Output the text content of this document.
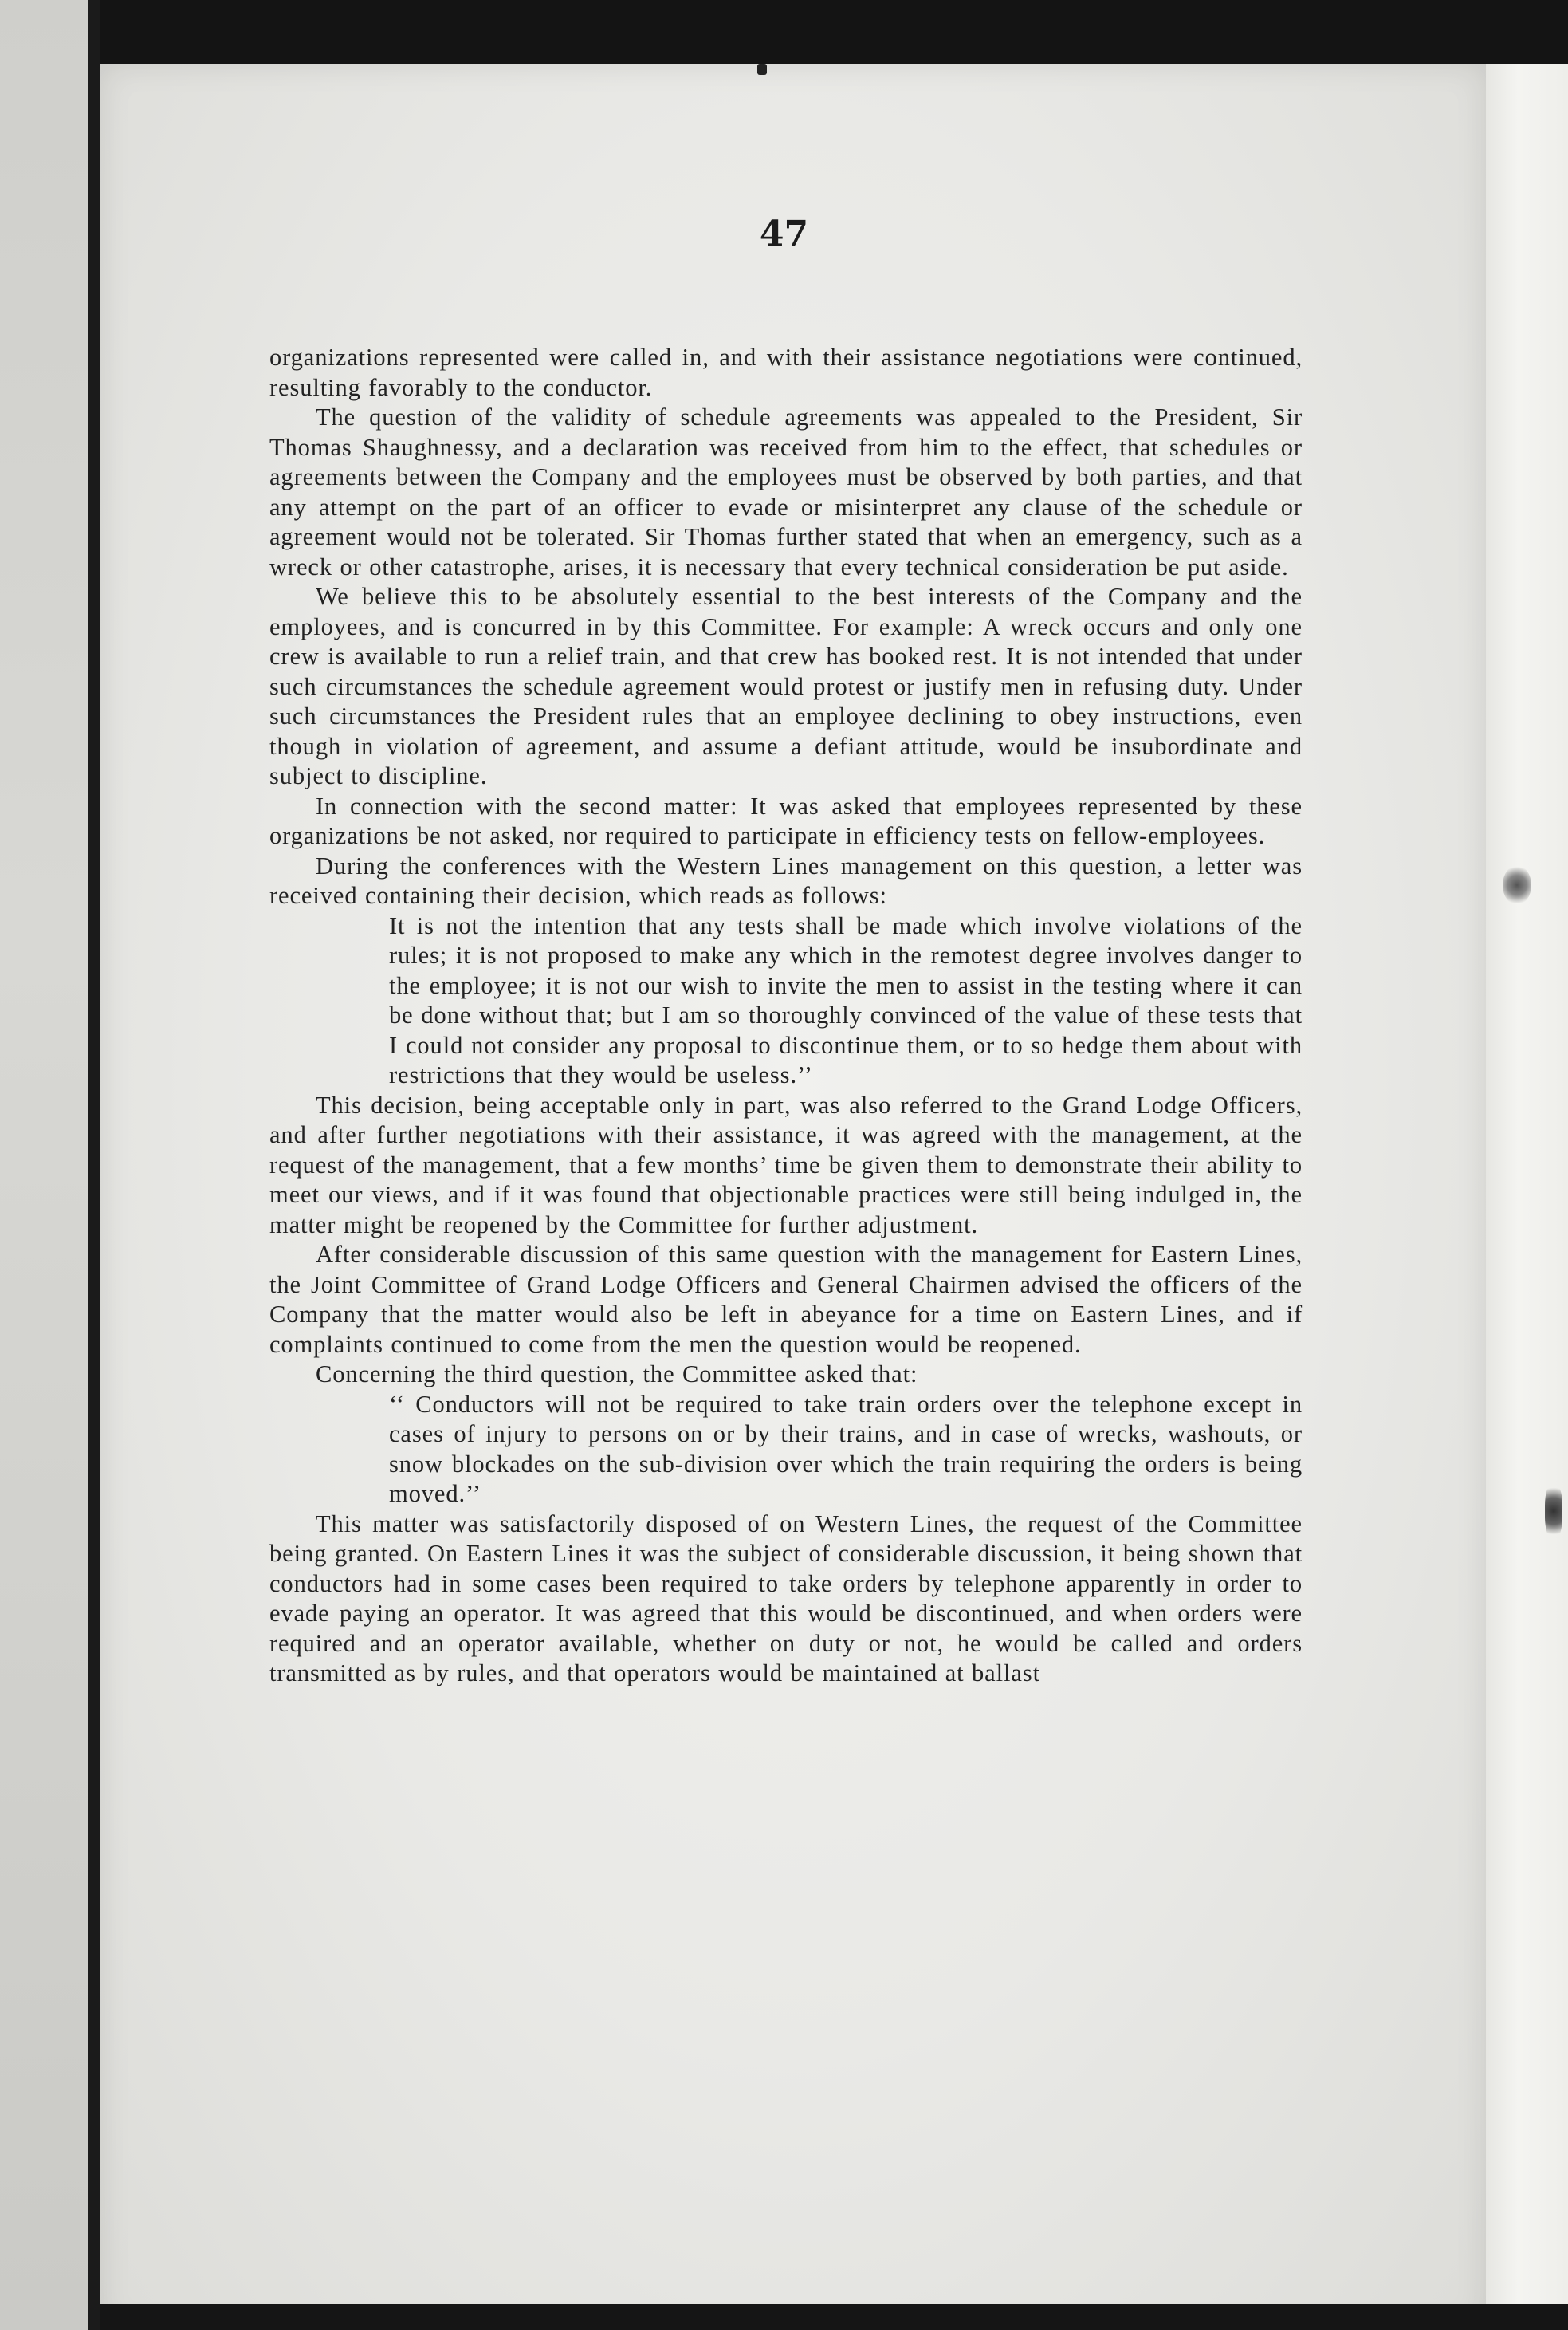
47

organizations represented were called in, and with their assistance negotiations were continued, resulting favorably to the conductor.

The question of the validity of schedule agreements was appealed to the President, Sir Thomas Shaughnessy, and a declaration was received from him to the effect, that schedules or agreements between the Company and the employees must be observed by both parties, and that any attempt on the part of an officer to evade or misinterpret any clause of the schedule or agreement would not be tolerated. Sir Thomas further stated that when an emergency, such as a wreck or other catastrophe, arises, it is necessary that every technical consideration be put aside.

We believe this to be absolutely essential to the best interests of the Company and the employees, and is concurred in by this Committee. For example: A wreck occurs and only one crew is available to run a relief train, and that crew has booked rest. It is not intended that under such circumstances the schedule agreement would protest or justify men in refusing duty. Under such circumstances the President rules that an employee declining to obey instructions, even though in violation of agreement, and assume a defiant attitude, would be insubordinate and subject to discipline.

In connection with the second matter: It was asked that employees represented by these organizations be not asked, nor required to participate in efficiency tests on fellow-employees.

During the conferences with the Western Lines management on this question, a letter was received containing their decision, which reads as follows:

It is not the intention that any tests shall be made which involve violations of the rules; it is not proposed to make any which in the remotest degree involves danger to the employee; it is not our wish to invite the men to assist in the testing where it can be done without that; but I am so thoroughly convinced of the value of these tests that I could not consider any proposal to discontinue them, or to so hedge them about with restrictions that they would be useless.’’

This decision, being acceptable only in part, was also referred to the Grand Lodge Officers, and after further negotiations with their assistance, it was agreed with the management, at the request of the management, that a few months’ time be given them to demonstrate their ability to meet our views, and if it was found that objectionable practices were still being indulged in, the matter might be reopened by the Committee for further adjustment.

After considerable discussion of this same question with the management for Eastern Lines, the Joint Committee of Grand Lodge Officers and General Chairmen advised the officers of the Company that the matter would also be left in abeyance for a time on Eastern Lines, and if complaints continued to come from the men the question would be reopened.

Concerning the third question, the Committee asked that:

‘‘ Conductors will not be required to take train orders over the telephone except in cases of injury to persons on or by their trains, and in case of wrecks, washouts, or snow blockades on the sub-division over which the train requiring the orders is being moved.’’

This matter was satisfactorily disposed of on Western Lines, the request of the Committee being granted. On Eastern Lines it was the subject of considerable discussion, it being shown that conductors had in some cases been required to take orders by telephone apparently in order to evade paying an operator. It was agreed that this would be discontinued, and when orders were required and an operator available, whether on duty or not, he would be called and orders transmitted as by rules, and that operators would be maintained at ballast
